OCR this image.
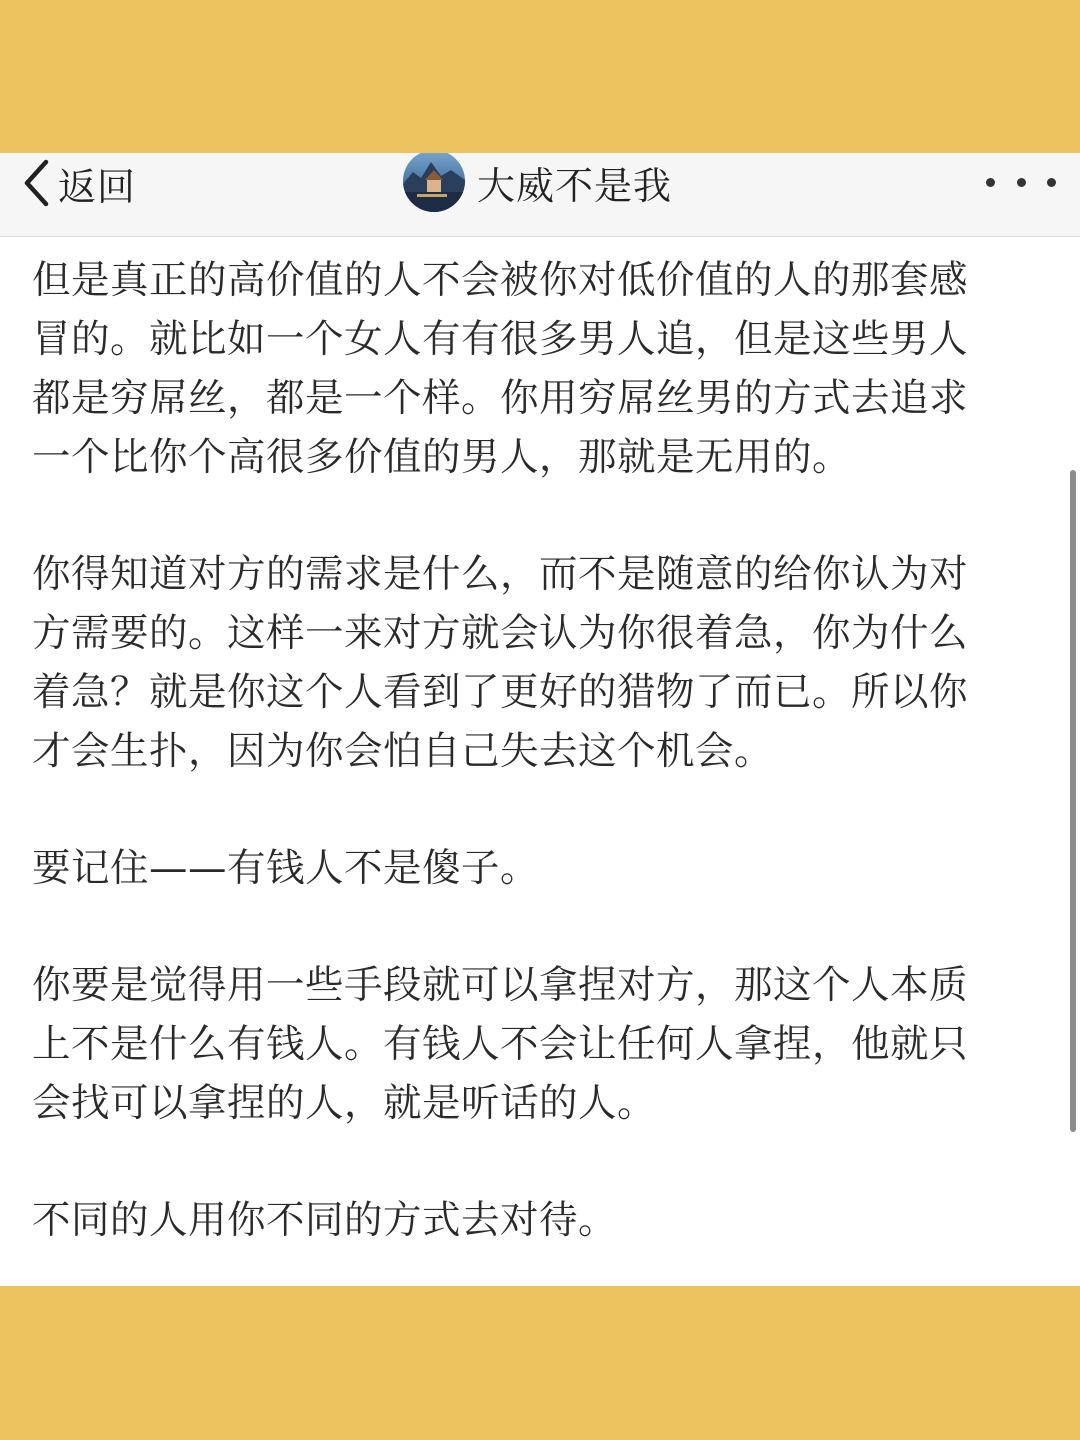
返回	大威不是我

但是真正的高价值的人不会被你对低价值的人的那套感
冒的。就比如一个女人有有很多男人追，但是这些男人
都是穷屌丝，都是一个样。你用穷屌丝男的方式去追求
一个比你个高很多价值的男人，那就是无用的。

你得知道对方的需求是什么，而不是随意的给你认为对
方需要的。这样一来对方就会认为你很着急，你为什么
着急？就是你这个人看到了更好的猎物了而已。所以你
才会生扑，因为你会怕自己失去这个机会。

要记住——有钱人不是傻子。

你要是觉得用一些手段就可以拿捏对方，那这个人本质
上不是什么有钱人。有钱人不会让任何人拿捏，他就只
会找可以拿捏的人，就是听话的人。

不同的人用你不同的方式去对待。
